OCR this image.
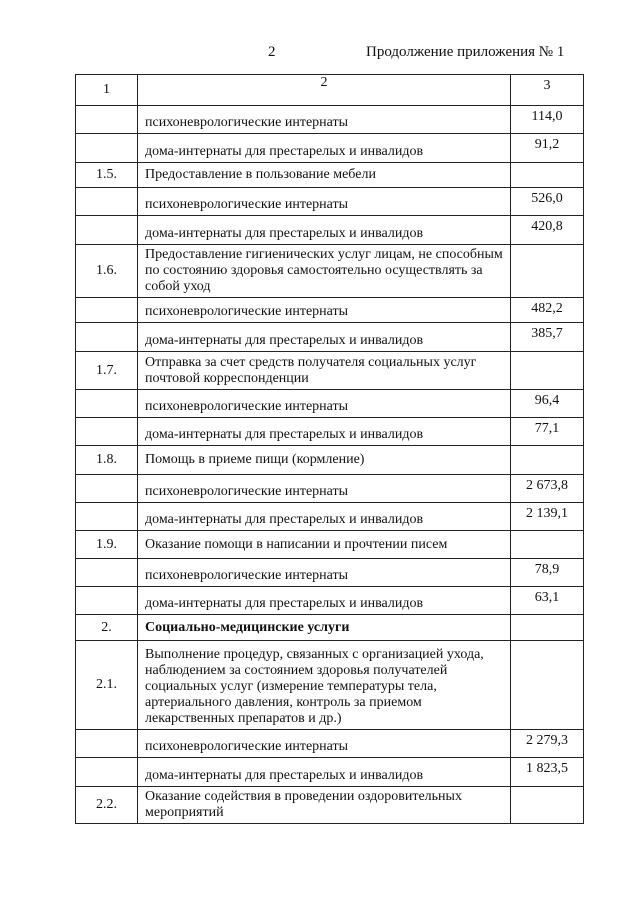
2	Продолжение приложения № 1
1	2	3
	психоневрологические интернаты	114,0
	дома-интернаты для престарелых и инвалидов	91,2
1.5.	Предоставление в пользование мебели	
	психоневрологические интернаты	526,0
	дома-интернаты для престарелых и инвалидов	420,8
1.6.	Предоставление гигиенических услуг лицам, не способным по состоянию здоровья самостоятельно осуществлять за собой уход	
	психоневрологические интернаты	482,2
	дома-интернаты для престарелых и инвалидов	385,7
1.7.	Отправка за счет средств получателя социальных услуг почтовой корреспонденции	
	психоневрологические интернаты	96,4
	дома-интернаты для престарелых и инвалидов	77,1
1.8.	Помощь в приеме пищи (кормление)	
	психоневрологические интернаты	2 673,8
	дома-интернаты для престарелых и инвалидов	2 139,1
1.9.	Оказание помощи в написании и прочтении писем	
	психоневрологические интернаты	78,9
	дома-интернаты для престарелых и инвалидов	63,1
2.	Социально-медицинские услуги	
2.1.	Выполнение процедур, связанных с организацией ухода, наблюдением за состоянием здоровья получателей социальных услуг (измерение температуры тела, артериального давления, контроль за приемом лекарственных препаратов и др.)	
	психоневрологические интернаты	2 279,3
	дома-интернаты для престарелых и инвалидов	1 823,5
2.2.	Оказание содействия в проведении оздоровительных мероприятий	
